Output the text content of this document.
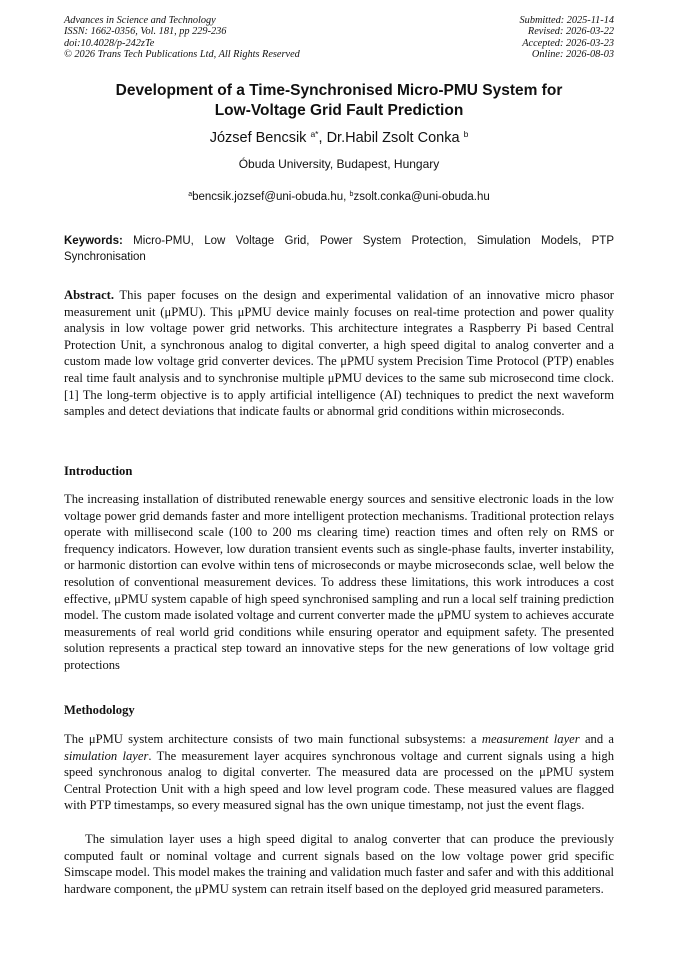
Advances in Science and Technology
ISSN: 1662-0356, Vol. 181, pp 229-236
doi:10.4028/p-242zTe
© 2026 Trans Tech Publications Ltd, All Rights Reserved
Submitted: 2025-11-14
Revised: 2026-03-22
Accepted: 2026-03-23
Online: 2026-08-03
Development of a Time-Synchronised Micro-PMU System for
Low-Voltage Grid Fault Prediction
József Bencsik $^{a*}$, Dr.Habil Zsolt Conka $^b$
Óbuda University, Budapest, Hungary
$^a$bencsik.jozsef@uni-obuda.hu, $^b$zsolt.conka@uni-obuda.hu
Keywords: Micro-PMU, Low Voltage Grid, Power System Protection, Simulation Models, PTP Synchronisation
Abstract. This paper focuses on the design and experimental validation of an innovative micro phasor measurement unit (μPMU). This μPMU device mainly focuses on real-time protection and power quality analysis in low voltage power grid networks. This architecture integrates a Raspberry Pi based Central Protection Unit, a synchronous analog to digital converter, a high speed digital to analog converter and a custom made low voltage grid converter devices. The μPMU system Precision Time Protocol (PTP) enables real time fault analysis and to synchronise multiple μPMU devices to the same sub microsecond time clock.[1] The long-term objective is to apply artificial intelligence (AI) techniques to predict the next waveform samples and detect deviations that indicate faults or abnormal grid conditions within microseconds.
Introduction
The increasing installation of distributed renewable energy sources and sensitive electronic loads in the low voltage power grid demands faster and more intelligent protection mechanisms. Traditional protection relays operate with millisecond scale (100 to 200 ms clearing time) reaction times and often rely on RMS or frequency indicators. However, low duration transient events such as single-phase faults, inverter instability, or harmonic distortion can evolve within tens of microseconds or maybe microseconds sclae, well below the resolution of conventional measurement devices. To address these limitations, this work introduces a cost effective, μPMU system capable of high speed synchronised sampling and run a local self training prediction model. The custom made isolated voltage and current converter made the μPMU system to achieves accurate measurements of real world grid conditions while ensuring operator and equipment safety. The presented solution represents a practical step toward an innovative steps for the new generations of low voltage grid protections
Methodology
The μPMU system architecture consists of two main functional subsystems: a measurement layer and a simulation layer. The measurement layer acquires synchronous voltage and current signals using a high speed synchronous analog to digital converter. The measured data are processed on the μPMU system Central Protection Unit with a high speed and low level program code. These measured values are flagged with PTP timestamps, so every measured signal has the own unique timestamp, not just the event flags.
The simulation layer uses a high speed digital to analog converter that can produce the previously computed fault or nominal voltage and current signals based on the low voltage power grid specific Simscape model. This model makes the training and validation much faster and safer and with this additional hardware component, the μPMU system can retrain itself based on the deployed grid measured parameters.
